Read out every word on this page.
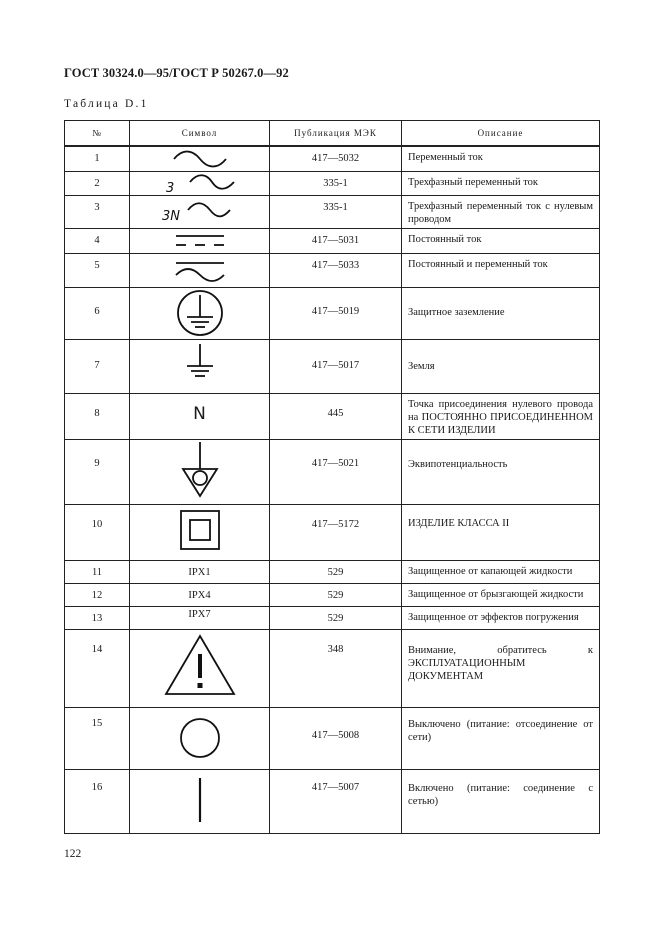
ГОСТ 30324.0—95/ГОСТ Р 50267.0—92
Таблица D.1
№	Символ	Публикация МЭК	Описание
1		417—5032	Переменный ток
2	3	335-1	Трехфазный переменный ток
3	3N	335-1	Трехфазный переменный ток с нулевым проводом
4		417—5031	Постоянный ток
5		417—5033	Постоянный и переменный ток
6		417—5019	Защитное заземление
7		417—5017	Земля
8	N	445	Точка присоединения нулевого провода на ПОСТОЯННО ПРИСОЕДИНЕННОМ К СЕТИ ИЗДЕЛИИ
9		417—5021	Эквипотенциальность
10		417—5172	ИЗДЕЛИЕ КЛАССА II
11	IPX1	529	Защищенное от капающей жидкости
12	IPX4	529	Защищенное от брызгающей жидкости
13	IPX7	529	Защищенное от эффектов погружения
14		348	Внимание, обратитесь к ЭКСПЛУАТАЦИОННЫМ ДОКУМЕНТАМ
15		417—5008	Выключено (питание: отсоединение от сети)
16		417—5007	Включено (питание: соединение с сетью)
122
